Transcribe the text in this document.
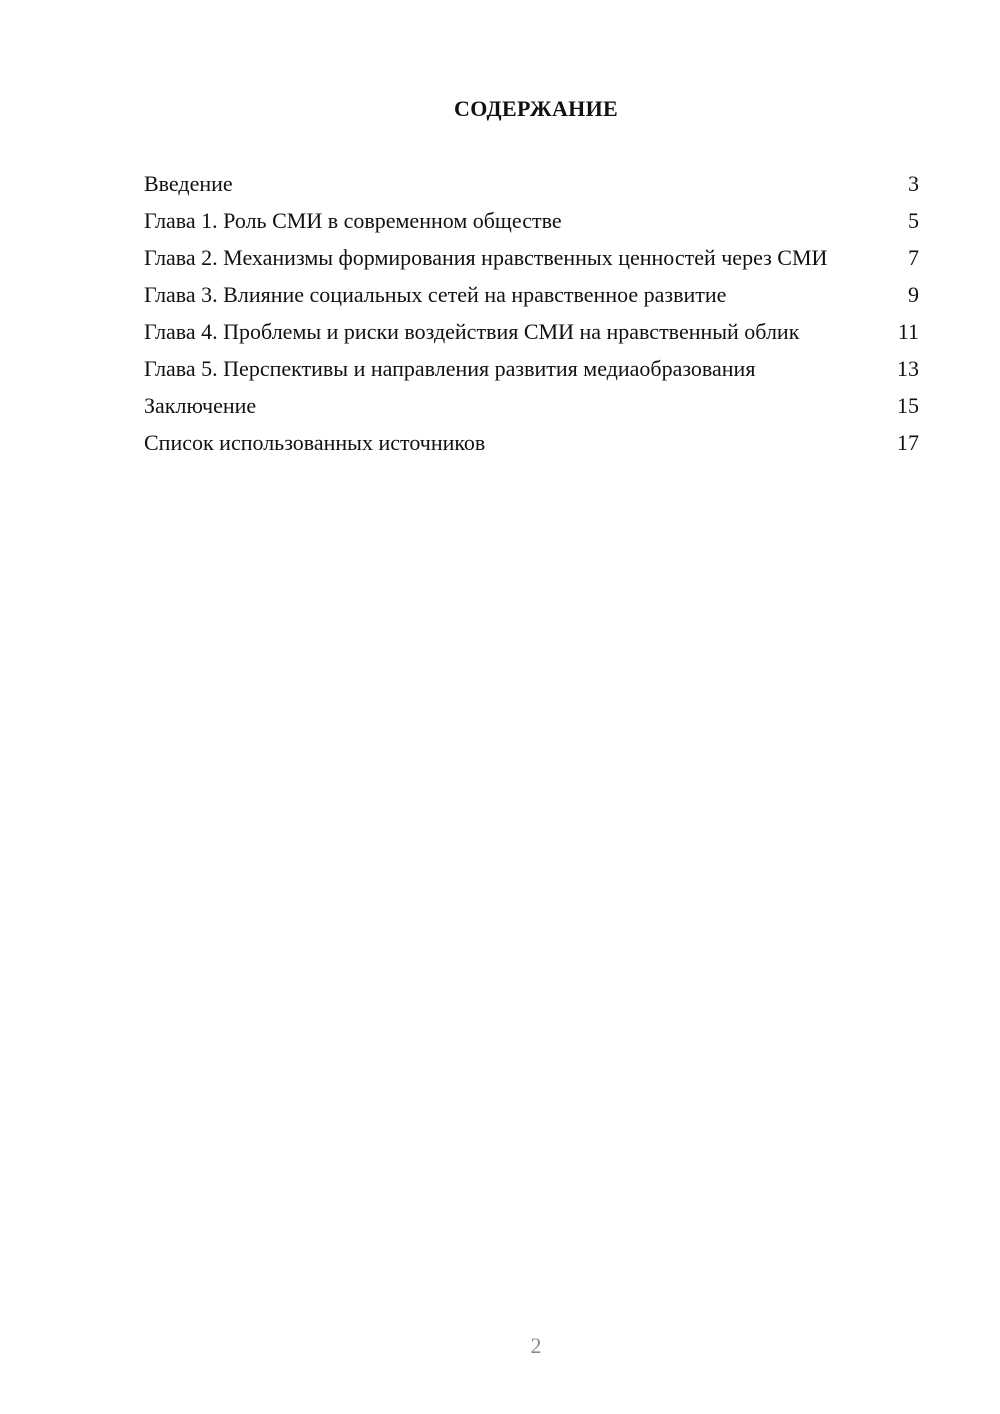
СОДЕРЖАНИЕ
Введение	3
Глава 1. Роль СМИ в современном обществе	5
Глава 2. Механизмы формирования нравственных ценностей через СМИ	7
Глава 3. Влияние социальных сетей на нравственное развитие	9
Глава 4. Проблемы и риски воздействия СМИ на нравственный облик	11
Глава 5. Перспективы и направления развития медиаобразования	13
Заключение	15
Список использованных источников	17
2
